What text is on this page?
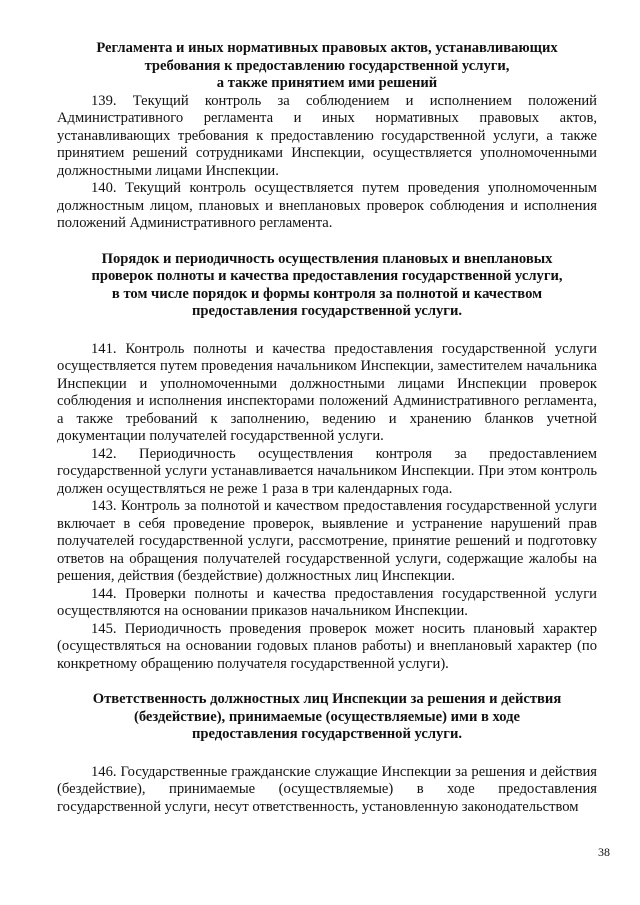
Регламента и иных нормативных правовых актов, устанавливающих
требования к предоставлению государственной услуги,
а также принятием ими решений

139. Текущий контроль за соблюдением и исполнением положений Административного регламента и иных нормативных правовых актов, устанавливающих требования к предоставлению государственной услуги, а также принятием решений сотрудниками Инспекции, осуществляется уполномоченными должностными лицами Инспекции.

140. Текущий контроль осуществляется путем проведения уполномоченным должностным лицом, плановых и внеплановых проверок соблюдения и исполнения положений Административного регламента.

Порядок и периодичность осуществления плановых и внеплановых
проверок полноты и качества предоставления государственной услуги,
в том числе порядок и формы контроля за полнотой и качеством
предоставления государственной услуги.

141. Контроль полноты и качества предоставления государственной услуги осуществляется путем проведения начальником Инспекции, заместителем начальника Инспекции и уполномоченными должностными лицами Инспекции проверок соблюдения и исполнения инспекторами положений Административного регламента, а также требований к заполнению, ведению и хранению бланков учетной документации получателей государственной услуги.

142. Периодичность осуществления контроля за предоставлением государственной услуги устанавливается начальником Инспекции. При этом контроль должен осуществляться не реже 1 раза в три календарных года.

143. Контроль за полнотой и качеством предоставления государственной услуги включает в себя проведение проверок, выявление и устранение нарушений прав получателей государственной услуги, рассмотрение, принятие решений и подготовку ответов на обращения получателей государственной услуги, содержащие жалобы на решения, действия (бездействие) должностных лиц Инспекции.

144. Проверки полноты и качества предоставления государственной услуги осуществляются на основании приказов начальником Инспекции.

145. Периодичность проведения проверок может носить плановый характер (осуществляться на основании годовых планов работы) и внеплановый характер (по конкретному обращению получателя государственной услуги).

Ответственность должностных лиц Инспекции за решения и действия
(бездействие), принимаемые (осуществляемые) ими в ходе
предоставления государственной услуги.

146. Государственные гражданские служащие Инспекции за решения и действия (бездействие), принимаемые (осуществляемые) в ходе предоставления государственной услуги, несут ответственность, установленную законодательством

38
